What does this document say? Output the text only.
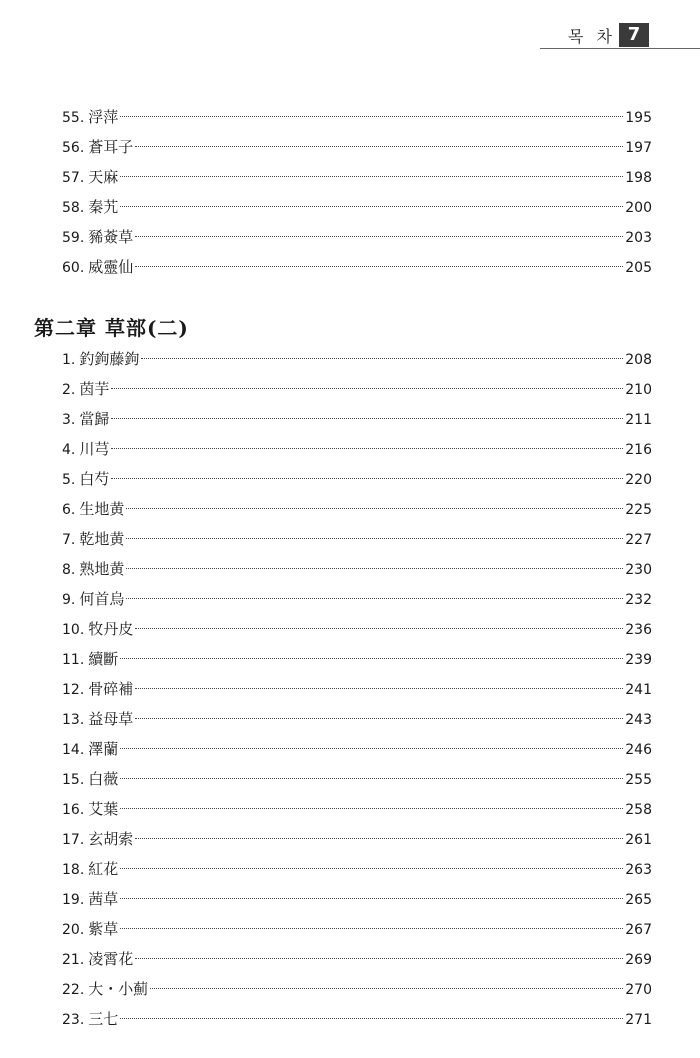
목 차 7
55. 浮萍	195
56. 蒼耳子	197
57. 天麻	198
58. 秦艽	200
59. 豨薟草	203
60. 威靈仙	205
第二章 草部(二)
1. 釣鉤藤鉤	208
2. 茵芋	210
3. 當歸	211
4. 川芎	216
5. 白芍	220
6. 生地黄	225
7. 乾地黄	227
8. 熟地黄	230
9. 何首烏	232
10. 牧丹皮	236
11. 續斷	239
12. 骨碎補	241
13. 益母草	243
14. 澤蘭	246
15. 白薇	255
16. 艾葉	258
17. 玄胡索	261
18. 紅花	263
19. 茜草	265
20. 紫草	267
21. 凌霄花	269
22. 大・小薊	270
23. 三七	271
